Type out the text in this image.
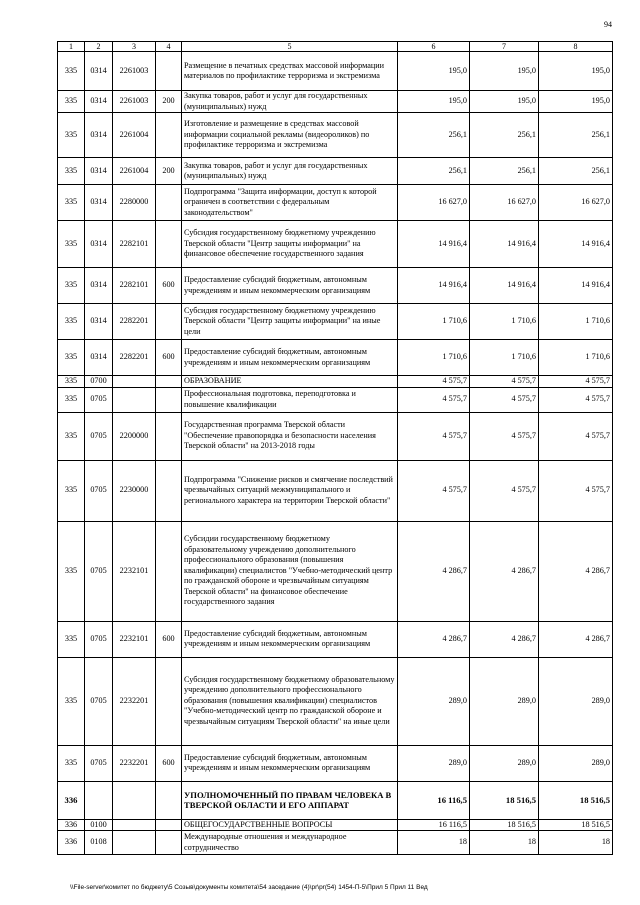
94
1	2	3	4	5	6	7	8
335	0314	2261003		Размещение в печатных средствах массовой информации материалов по профилактике терроризма и экстремизма	195,0	195,0	195,0
335	0314	2261003	200	Закупка товаров, работ и услуг для государственных (муниципальных) нужд	195,0	195,0	195,0
335	0314	2261004		Изготовление и размещение в средствах массовой информации социальной рекламы (видеороликов) по профилактике терроризма и экстремизма	256,1	256,1	256,1
335	0314	2261004	200	Закупка товаров, работ и услуг для государственных (муниципальных) нужд	256,1	256,1	256,1
335	0314	2280000		Подпрограмма "Защита информации, доступ к которой ограничен в соответствии с федеральным законодательством"	16 627,0	16 627,0	16 627,0
335	0314	2282101		Субсидия государственному бюджетному учреждению Тверской области "Центр защиты информации" на финансовое обеспечение государственного задания	14 916,4	14 916,4	14 916,4
335	0314	2282101	600	Предоставление субсидий бюджетным, автономным учреждениям и иным некоммерческим организациям	14 916,4	14 916,4	14 916,4
335	0314	2282201		Субсидия государственному бюджетному учреждению Тверской области "Центр защиты информации" на иные цели	1 710,6	1 710,6	1 710,6
335	0314	2282201	600	Предоставление субсидий бюджетным, автономным учреждениям и иным некоммерческим организациям	1 710,6	1 710,6	1 710,6
335	0700			ОБРАЗОВАНИЕ	4 575,7	4 575,7	4 575,7
335	0705			Профессиональная подготовка, переподготовка и повышение квалификации	4 575,7	4 575,7	4 575,7
335	0705	2200000		Государственная программа Тверской области "Обеспечение правопорядка и безопасности населения Тверской области" на 2013-2018 годы	4 575,7	4 575,7	4 575,7
335	0705	2230000		Подпрограмма "Снижение рисков и смягчение последствий чрезвычайных ситуаций межмуниципального и регионального характера на территории Тверской области"	4 575,7	4 575,7	4 575,7
335	0705	2232101		Субсидии государственному бюджетному образовательному учреждению дополнительного профессионального образования (повышения квалификации) специалистов "Учебно-методический центр по гражданской обороне и чрезвычайным ситуациям Тверской области" на финансовое обеспечение государственного задания	4 286,7	4 286,7	4 286,7
335	0705	2232101	600	Предоставление субсидий бюджетным, автономным учреждениям и иным некоммерческим организациям	4 286,7	4 286,7	4 286,7
335	0705	2232201		Субсидия государственному бюджетному образовательному учреждению дополнительного профессионального образования (повышения квалификации) специалистов "Учебно-методический центр по гражданской обороне и чрезвычайным ситуациям Тверской области" на иные цели	289,0	289,0	289,0
335	0705	2232201	600	Предоставление субсидий бюджетным, автономным учреждениям и иным некоммерческим организациям	289,0	289,0	289,0
336				УПОЛНОМОЧЕННЫЙ ПО ПРАВАМ ЧЕЛОВЕКА В ТВЕРСКОЙ ОБЛАСТИ И ЕГО АППАРАТ	16 116,5	18 516,5	18 516,5
336	0100			ОБЩЕГОСУДАРСТВЕННЫЕ ВОПРОСЫ	16 116,5	18 516,5	18 516,5
336	0108			Международные отношения и международное сотрудничество	18	18	18
\\File-server\комитет по бюджету\5 Созыв\документы комитета\54 заседание (4)\pr\pr(54) 1454-П-5\Прил 5 Прил 11 Вед
